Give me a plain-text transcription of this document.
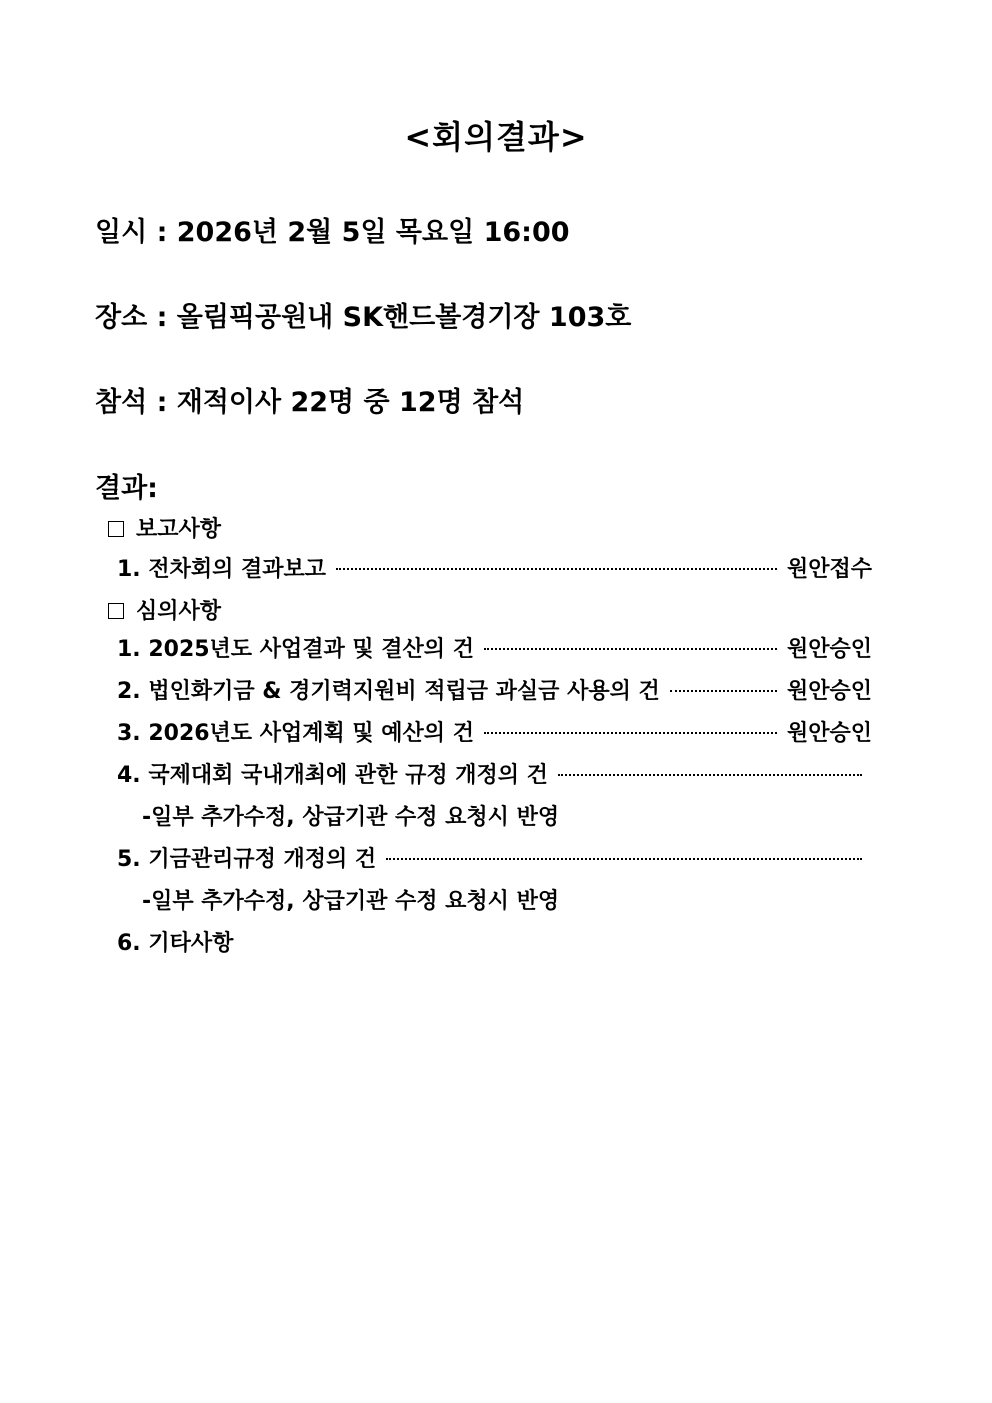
<회의결과>
일시 : 2026년 2월 5일 목요일 16:00
장소 : 올림픽공원내 SK핸드볼경기장 103호
참석 : 재적이사 22명 중 12명 참석
결과:
보고사항
1. 전차회의 결과보고	원안접수
심의사항
1. 2025년도 사업결과 및 결산의 건	원안승인
2. 법인화기금 & 경기력지원비 적립금 과실금 사용의 건	원안승인
3. 2026년도 사업계획 및 예산의 건	원안승인
4. 국제대회 국내개최에 관한 규정 개정의 건
-일부 추가수정, 상급기관 수정 요청시 반영
5. 기금관리규정 개정의 건
-일부 추가수정, 상급기관 수정 요청시 반영
6. 기타사항
